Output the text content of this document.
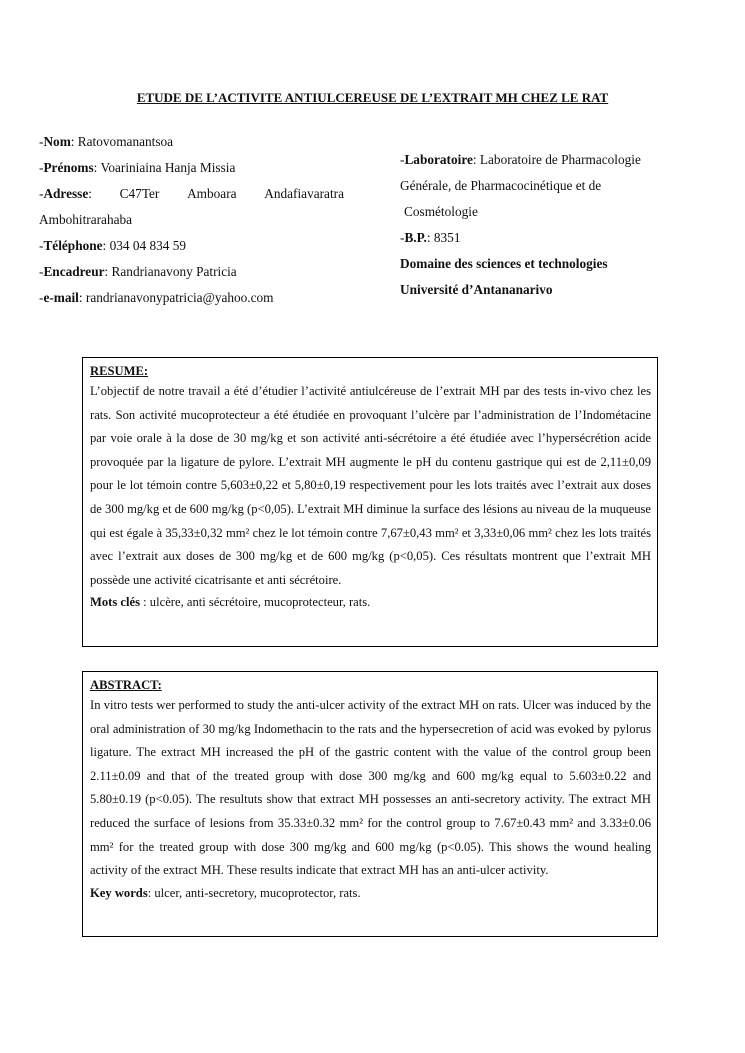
ETUDE DE L’ACTIVITE ANTIULCEREUSE DE L’EXTRAIT MH CHEZ LE RAT
-Nom: Ratovomanantsoa
-Prénoms: Voariniaina Hanja Missia
-Adresse: C47Ter Amboara Andafiavaratra
Ambohitrarahaba
-Téléphone: 034 04 834 59
-Encadreur: Randrianavony Patricia
-e-mail: randrianavonypatricia@yahoo.com
-Laboratoire: Laboratoire de Pharmacologie
Générale, de Pharmacocinétique et de
Cosmétologie
-B.P.: 8351
Domaine des sciences et technologies
Université d’Antananarivo
RESUME:
L’objectif de notre travail a été d’étudier l’activité antiulcéreuse de l’extrait MH par des tests in-vivo chez les rats. Son activité mucoprotecteur a été étudiée en provoquant l’ulcère par l’administration de l’Indométacine par voie orale à la dose de 30 mg/kg et son activité anti-sécrétoire a été étudiée avec l’hypersécrétion acide provoquée par la ligature de pylore. L’extrait MH augmente le pH du contenu gastrique qui est de 2,11±0,09 pour le lot témoin contre 5,603±0,22 et 5,80±0,19 respectivement pour les lots traités avec l’extrait aux doses de 300 mg/kg et de 600 mg/kg (p<0,05). L’extrait MH diminue la surface des lésions au niveau de la muqueuse qui est égale à 35,33±0,32 mm² chez le lot témoin contre 7,67±0,43 mm² et 3,33±0,06 mm² chez les lots traités avec l’extrait aux doses de 300 mg/kg et de 600 mg/kg (p<0,05). Ces résultats montrent que l’extrait MH possède une activité cicatrisante et anti sécrétoire.
Mots clés : ulcère, anti sécrétoire, mucoprotecteur, rats.
ABSTRACT:
In vitro tests wer performed to study the anti-ulcer activity of the extract MH on rats. Ulcer was induced by the oral administration of 30 mg/kg Indomethacin to the rats and the hypersecretion of acid was evoked by pylorus ligature. The extract MH increased the pH of the gastric content with the value of the control group been 2.11±0.09 and that of the treated group with dose 300 mg/kg and 600 mg/kg equal to 5.603±0.22 and 5.80±0.19 (p<0.05). The resultuts show that extract MH possesses an anti-secretory activity. The extract MH reduced the surface of lesions from 35.33±0.32 mm² for the control group to 7.67±0.43 mm² and 3.33±0.06 mm² for the treated group with dose 300 mg/kg and 600 mg/kg (p<0.05). This shows the wound healing activity of the extract MH. These results indicate that extract MH has an anti-ulcer activity.
Key words: ulcer, anti-secretory, mucoprotector, rats.
